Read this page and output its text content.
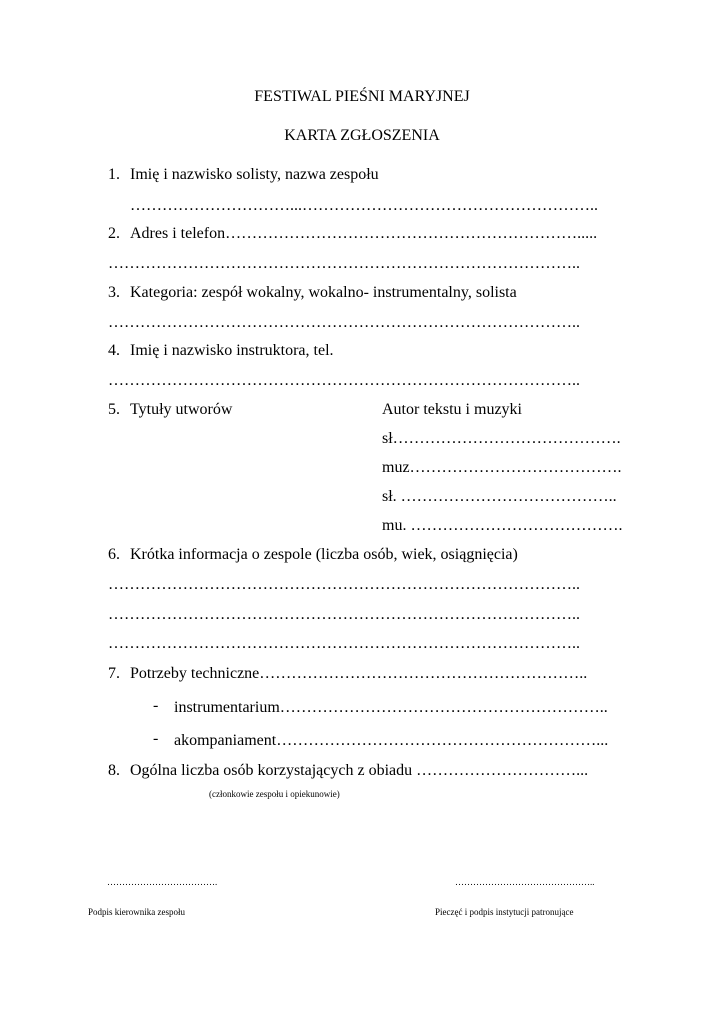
FESTIWAL PIEŚNI MARYJNEJ
KARTA ZGŁOSZENIA
1. Imię i nazwisko solisty, nazwa zespołu
…………………………...………………………………………………..
2. Adres i telefon………………………………………………………….....
……………………………………………………………………………..
3. Kategoria: zespół wokalny, wokalno- instrumentalny, solista
……………………………………………………………………………..
4. Imię i nazwisko instruktora, tel.
……………………………………………………………………………..
5. Tytuły utworów	Autor tekstu i muzyki
sł…………………………………….
muz………………………………….
sł. …………………………………..
mu. ………………………………….
6. Krótka informacja o zespole (liczba osób, wiek, osiągnięcia)
……………………………………………………………………………..
……………………………………………………………………………..
……………………………………………………………………………..
7. Potrzeby techniczne……………………………………………………..
- instrumentarium……………………………………………………..
- akompaniament……………………………………………………...
8. Ogólna liczba osób korzystających z obiadu …………………………...
(członkowie zespołu i opiekunowie)
……………………………….	………………………………………..
Podpis kierownika zespołu	Pieczęć i podpis instytucji patronujące
